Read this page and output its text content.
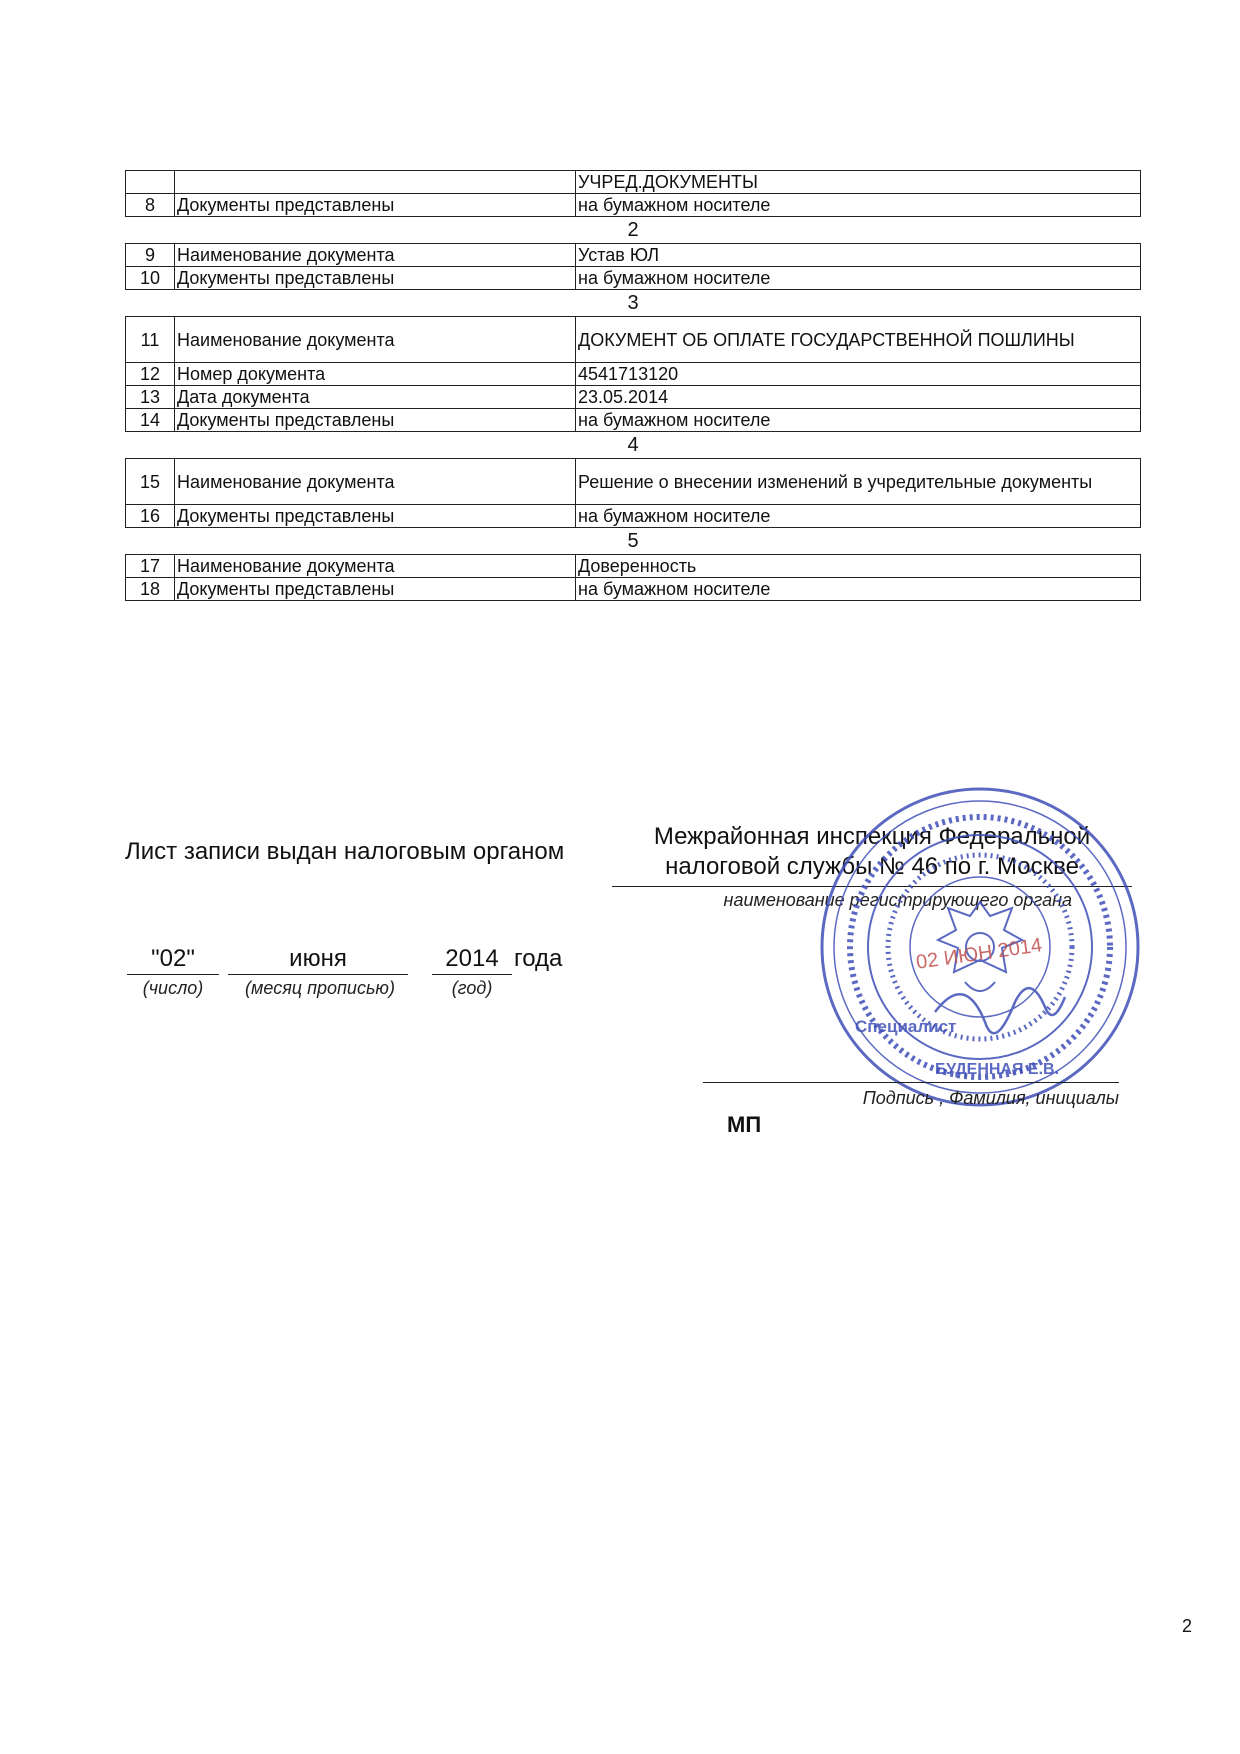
		УЧРЕД.ДОКУМЕНТЫ
8	Документы представлены	на бумажном носителе
2
9	Наименование документа	Устав ЮЛ
10	Документы представлены	на бумажном носителе
3
11	Наименование документа	ДОКУМЕНТ ОБ ОПЛАТЕ ГОСУДАРСТВЕННОЙ ПОШЛИНЫ
12	Номер документа	4541713120
13	Дата документа	23.05.2014
14	Документы представлены	на бумажном носителе
4
15	Наименование документа	Решение о внесении изменений в учредительные документы
16	Документы представлены	на бумажном носителе
5
17	Наименование документа	Доверенность
18	Документы представлены	на бумажном носителе
Лист записи выдан налоговым органом
Межрайонная инспекция Федеральной налоговой службы № 46 по г. Москве
наименование регистрирующего органа
"02"	июня	2014 года
(число)	(месяц прописью)	(год)
02 ИЮН 2014
Специалист
БУДЕННАЯ Е.В.
Подпись , Фамилия, инициалы
МП
2
